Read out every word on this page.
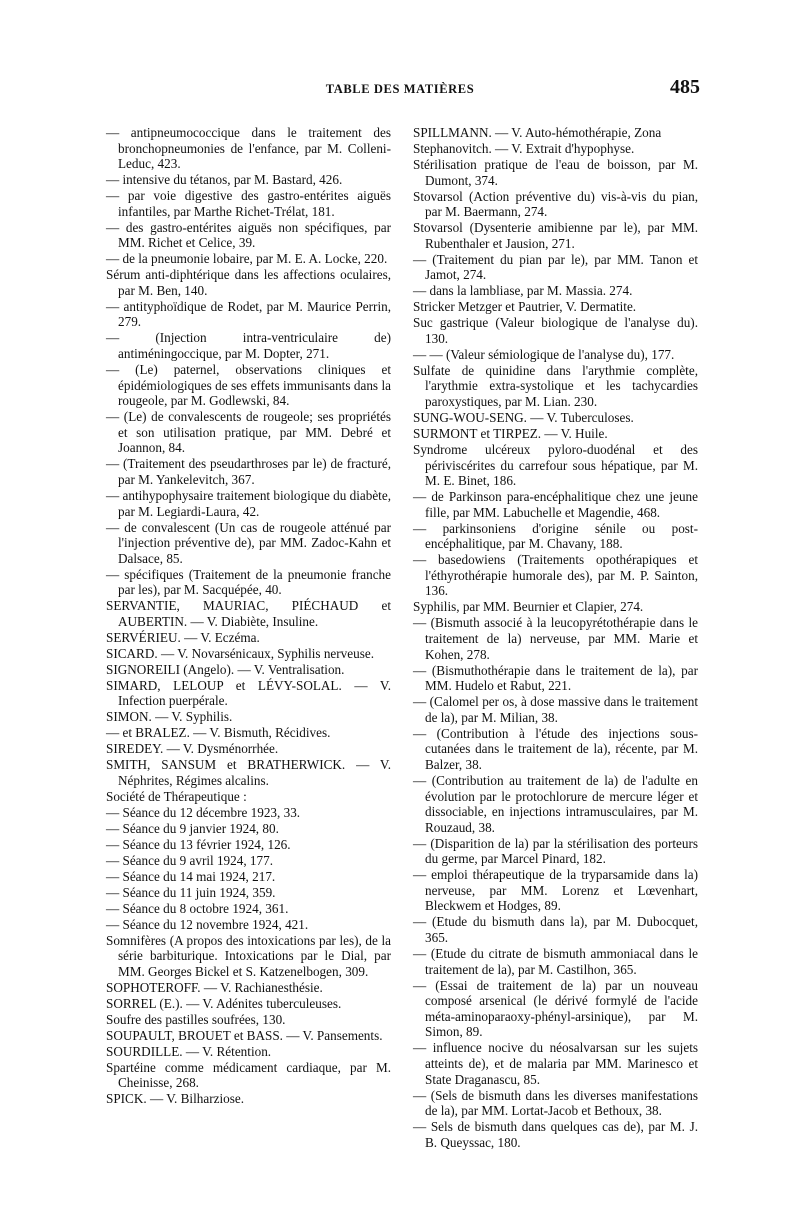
TABLE DES MATIÈRES	485

— antipneumococcique dans le traitement des bronchopneumonies de l'enfance, par M. Colleni-Leduc, 423.

— intensive du tétanos, par M. Bastard, 426.

— par voie digestive des gastro-entérites aiguës infantiles, par Marthe Richet-Trélat, 181.

— des gastro-entérites aiguës non spécifiques, par MM. Richet et Celice, 39.

— de la pneumonie lobaire, par M. E. A. Locke, 220.

Sérum anti-diphtérique dans les affections oculaires, par M. Ben, 140.

— antityphoïdique de Rodet, par M. Maurice Perrin, 279.

— (Injection intra-ventriculaire de) antiméningoccique, par M. Dopter, 271.

— (Le) paternel, observations cliniques et épidémiologiques de ses effets immunisants dans la rougeole, par M. Godlewski, 84.

— (Le) de convalescents de rougeole; ses propriétés et son utilisation pratique, par MM. Debré et Joannon, 84.

— (Traitement des pseudarthroses par le) de fracturé, par M. Yankelevitch, 367.

— antihypophysaire traitement biologique du diabète, par M. Legiardi-Laura, 42.

— de convalescent (Un cas de rougeole atténué par l'injection préventive de), par MM. Zadoc-Kahn et Dalsace, 85.

— spécifiques (Traitement de la pneumonie franche par les), par M. Sacquépée, 40.

SERVANTIE, MAURIAC, PIÉCHAUD et AUBERTIN. — V. Diabiète, Insuline.

SERVÉRIEU. — V. Eczéma.

SICARD. — V. Novarsénicaux, Syphilis nerveuse.

SIGNOREILI (Angelo). — V. Ventralisation.

SIMARD, LELOUP et LÉVY-SOLAL. — V. Infection puerpérale.

SIMON. — V. Syphilis.

— et BRALEZ. — V. Bismuth, Récidives.

SIREDEY. — V. Dysménorrhée.

SMITH, SANSUM et BRATHERWICK. — V. Néphrites, Régimes alcalins.

Société de Thérapeutique :

— Séance du 12 décembre 1923, 33.

— Séance du 9 janvier 1924, 80.

— Séance du 13 février 1924, 126.

— Séance du 9 avril 1924, 177.

— Séance du 14 mai 1924, 217.

— Séance du 11 juin 1924, 359.

— Séance du 8 octobre 1924, 361.

— Séance du 12 novembre 1924, 421.

Somnifères (A propos des intoxications par les), de la série barbiturique. Intoxications par le Dial, par MM. Georges Bickel et S. Katzenelbogen, 309.

SOPHOTEROFF. — V. Rachianesthésie.

SORREL (E.). — V. Adénites tuberculeuses.

Soufre des pastilles soufrées, 130.

SOUPAULT, BROUET et BASS. — V. Pansements.

SOURDILLE. — V. Rétention.

Spartéine comme médicament cardiaque, par M. Cheinisse, 268.

SPICK. — V. Bilharziose.

SPILLMANN. — V. Auto-hémothérapie, Zona

Stephanovitch. — V. Extrait d'hypophyse.

Stérilisation pratique de l'eau de boisson, par M. Dumont, 374.

Stovarsol (Action préventive du) vis-à-vis du pian, par M. Baermann, 274.

Stovarsol (Dysenterie amibienne par le), par MM. Rubenthaler et Jausion, 271.

— (Traitement du pian par le), par MM. Tanon et Jamot, 274.

— dans la lambliase, par M. Massia. 274.

Stricker Metzger et Pautrier, V. Dermatite.

Suc gastrique (Valeur biologique de l'analyse du). 130.

— — (Valeur sémiologique de l'analyse du), 177.

Sulfate de quinidine dans l'arythmie complète, l'arythmie extra-systolique et les tachycardies paroxystiques, par M. Lian. 230.

SUNG-WOU-SENG. — V. Tuberculoses.

SURMONT et TIRPEZ. — V. Huile.

Syndrome ulcéreux pyloro-duodénal et des périviscérites du carrefour sous hépatique, par M. M. E. Binet, 186.

— de Parkinson para-encéphalitique chez une jeune fille, par MM. Labuchelle et Magendie, 468.

— parkinsoniens d'origine sénile ou post-encéphalitique, par M. Chavany, 188.

— basedowiens (Traitements opothérapiques et l'éthyrothérapie humorale des), par M. P. Sainton, 136.

Syphilis, par MM. Beurnier et Clapier, 274.

— (Bismuth associé à la leucopyrétothérapie dans le traitement de la) nerveuse, par MM. Marie et Kohen, 278.

— (Bismuthothérapie dans le traitement de la), par MM. Hudelo et Rabut, 221.

— (Calomel per os, à dose massive dans le traitement de la), par M. Milian, 38.

— (Contribution à l'étude des injections sous-cutanées dans le traitement de la), récente, par M. Balzer, 38.

— (Contribution au traitement de la) de l'adulte en évolution par le protochlorure de mercure léger et dissociable, en injections intramusculaires, par M. Rouzaud, 38.

— (Disparition de la) par la stérilisation des porteurs du germe, par Marcel Pinard, 182.

— emploi thérapeutique de la tryparsamide dans la) nerveuse, par MM. Lorenz et Lœvenhart, Bleckwem et Hodges, 89.

— (Etude du bismuth dans la), par M. Dubocquet, 365.

— (Etude du citrate de bismuth ammoniacal dans le traitement de la), par M. Castilhon, 365.

— (Essai de traitement de la) par un nouveau composé arsenical (le dérivé formylé de l'acide méta-aminoparaoxy-phényl-arsinique), par M. Simon, 89.

— influence nocive du néosalvarsan sur les sujets atteints de), et de malaria par MM. Marinesco et State Draganascu, 85.

— (Sels de bismuth dans les diverses manifestations de la), par MM. Lortat-Jacob et Bethoux, 38.

— Sels de bismuth dans quelques cas de), par M. J. B. Queyssac, 180.
